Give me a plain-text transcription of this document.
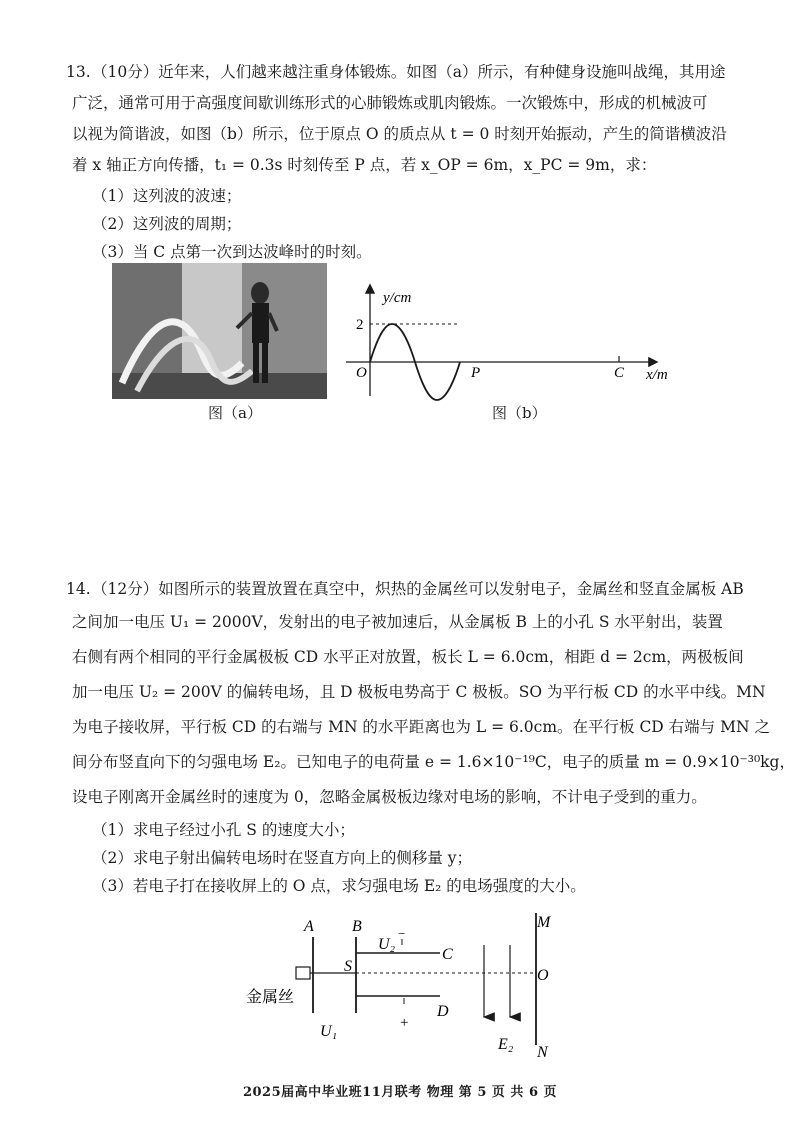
13. （10分）近年来，人们越来越注重身体锻炼。如图（a）所示，有种健身设施叫战绳，其用途
广泛，通常可用于高强度间歇训练形式的心肺锻炼或肌肉锻炼。一次锻炼中，形成的机械波可
以视为简谐波，如图（b）所示，位于原点 O 的质点从 t = 0 时刻开始振动，产生的简谐横波沿
着 x 轴正方向传播，t₁ = 0.3s 时刻传至 P 点，若 x_OP = 6m，x_PC = 9m，求：
（1）这列波的波速；
（2）这列波的周期；
（3）当 C 点第一次到达波峰时的时刻。
图（a）
y/cm
2
O	P	C x/m
图（b）
14. （12分）如图所示的装置放置在真空中，炽热的金属丝可以发射电子，金属丝和竖直金属板 AB
之间加一电压 U₁ = 2000V，发射出的电子被加速后，从金属板 B 上的小孔 S 水平射出，装置
右侧有两个相同的平行金属极板 CD 水平正对放置，板长 L = 6.0cm，相距 d = 2cm，两极板间
加一电压 U₂ = 200V 的偏转电场，且 D 极板电势高于 C 极板。SO 为平行板 CD 的水平中线。MN
为电子接收屏，平行板 CD 的右端与 MN 的水平距离也为 L = 6.0cm。在平行板 CD 右端与 MN 之
间分布竖直向下的匀强电场 E₂。已知电子的电荷量 e = 1.6×10⁻¹⁹C，电子的质量 m = 0.9×10⁻³⁰kg，
设电子刚离开金属丝时的速度为 0，忽略金属极板边缘对电场的影响，不计电子受到的重力。
（1）求电子经过小孔 S 的速度大小；
（2）求电子射出偏转电场时在竖直方向上的侧移量 y；
（3）若电子打在接收屏上的 O 点，求匀强电场 E₂ 的电场强度的大小。
A B
S
U₂
−
C
D
+
M
O
N
U₁
E₂
金属丝
2025届高中毕业班11月联考 物理 第 5 页 共 6 页
